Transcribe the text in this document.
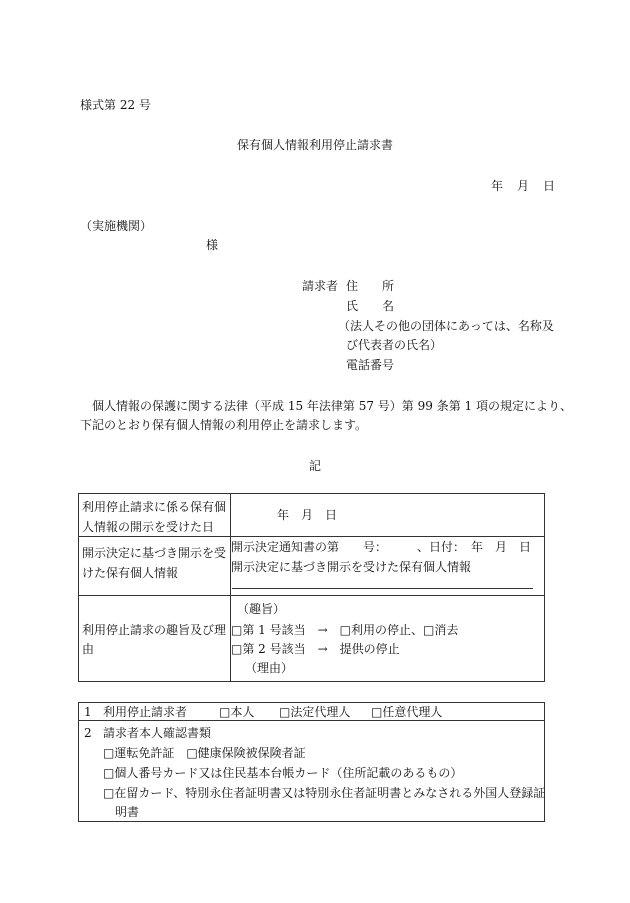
様式第 22 号
保有個人情報利用停止請求書
年　月　日
（実施機関）
様
請求者 住　　所
氏　　名
（法人その他の団体にあっては、名称及
び代表者の氏名）
電話番号
個人情報の保護に関する法律（平成 15 年法律第 57 号）第 99 条第 1 項の規定により、
下記のとおり保有個人情報の利用停止を請求します。
記
利用停止請求に係る保有個
人情報の開示を受けた日
年　月　日
開示決定に基づき開示を受
けた保有個人情報
開示決定通知書の第　　号：　　　、日付：　年　月　日
開示決定に基づき開示を受けた保有個人情報
利用停止請求の趣旨及び理
由
（趣旨）
□第 1 号該当　→　□利用の停止、□消去
□第 2 号該当　→　提供の停止
（理由）
1 利用停止請求者	□本人 □法定代理人 □任意代理人
2 請求者本人確認書類
□運転免許証　□健康保険被保険者証
□個人番号カード又は住民基本台帳カード（住所記載のあるもの）
□在留カード、特別永住者証明書又は特別永住者証明書とみなされる外国人登録証
明書
